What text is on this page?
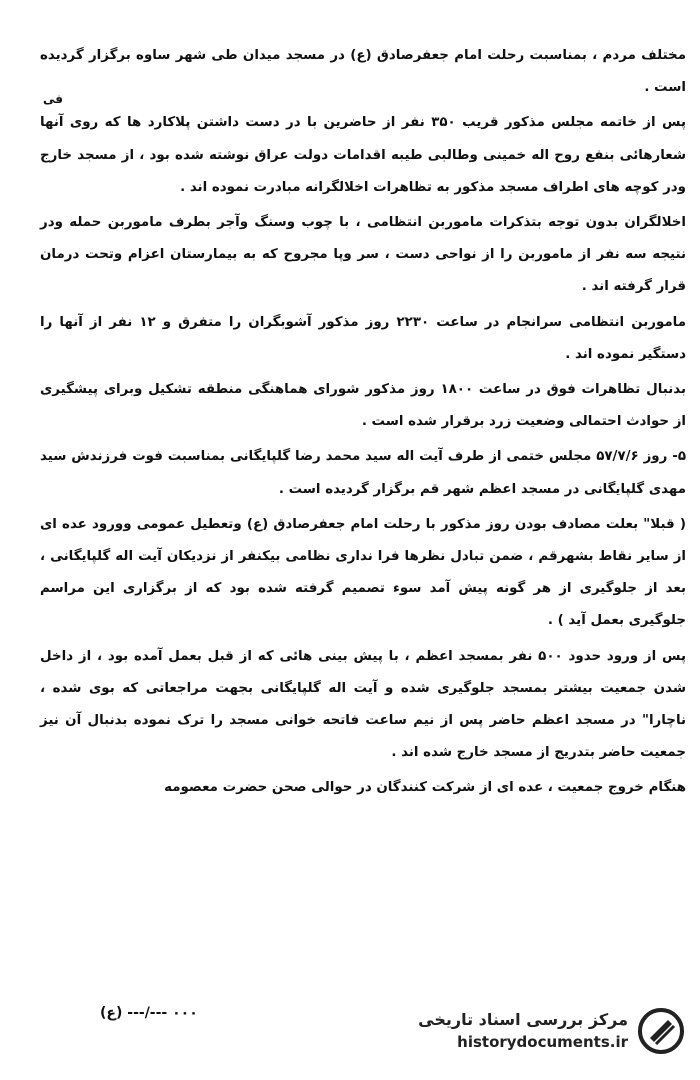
فی

مختلف مردم ، بمناسبت رحلت امام جعفرصادق (ع) در مسجد میدان طی شهر ساوه برگزار گردیده است .

پس از خاتمه مجلس مذکور قریب ۳۵۰ نفر از حاضرین با در دست داشتن پلاکارد ها که روی آنها شعارهائی بنفع روح اله خمینی وطالبی طیبه اقدامات دولت عراق نوشته شده بود ، از مسجد خارج ودر کوچه های اطراف مسجد مذکور به تظاهرات اخلالگرانه مبادرت نموده اند .

اخلالگران بدون توجه بتذکرات ماموربن انتظامی ، با چوب وسنگ وآجر بطرف ماموربن حمله ودر نتیجه سه نفر از ماموربن را از نواحی دست ، سر وپا مجروح که به بیمارستان اعزام وتحت درمان قرار گرفته اند .

ماموربن انتظامی سرانجام در ساعت ۲۲۳۰ روز مذکور آشوبگران را متفرق و ۱۲ نفر از آنها را دستگیر نموده اند .

بدنبال تظاهرات فوق در ساعت ۱۸۰۰ روز مذکور شورای هماهنگی منطقه تشکیل وبرای پیشگیری از حوادث احتمالی وضعیت زرد برقرار شده است .

۵- روز ۵۷/۷/۶ مجلس ختمی از طرف آیت اله سید محمد رضا گلپایگانی بمناسبت فوت فرزندش سید مهدی گلپایگانی در مسجد اعظم شهر قم برگزار گردیده است .

( قبلا" بعلت مصادف بودن روز مذکور با رحلت امام جعفرصادق (ع) وتعطیل عمومی وورود عده ای از ساير نقاط بشهرقم ، ضمن تبادل نظرها فرا ندارى نظامی بیکنفر از نزدیکان آیت اله گلپایگانی ، بعد از جلوگیری از هر گونه پیش آمد سوء تصمیم گرفته شده بود که از برگزاری این مراسم جلوگیری بعمل آید ) .

پس از ورود حدود ۵۰۰ نفر بمسجد اعظم ، با پیش بینی هائی که از قبل بعمل آمده بود ، از داخل شدن جمعیت بیشتر بمسجد جلوگیری شده و آیت اله گلپایگانی بجهت مراجعاتی که بوی شده ، ناچارا" در مسجد اعظم حاضر پس از نیم ساعت فاتحه خوانی مسجد را ترک نموده بدنبال آن نیز جمعیت حاضر بتدریج از مسجد خارج شده اند .

هنگام خروج جمعیت ، عده ای از شرکت کنندگان در حوالی صحن حضرت معصومه

(ع) ---/--- ۰۰۰	مرکز بررسی اسناد تاریخی
historydocuments.ir
